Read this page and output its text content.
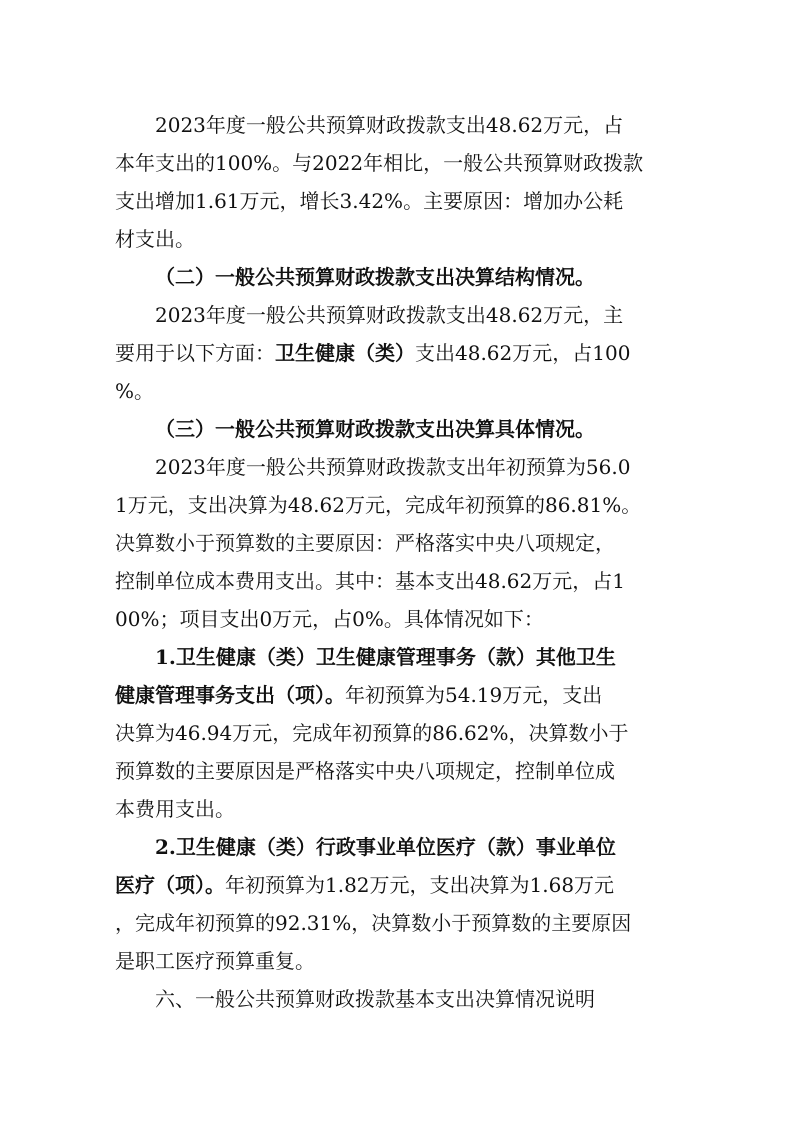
2023年度一般公共预算财政拨款支出48.62万元，占

本年支出的100%。与2022年相比，一般公共预算财政拨款

支出增加1.61万元，增长3.42%。主要原因：增加办公耗

材支出。

（二）一般公共预算财政拨款支出决算结构情况。

2023年度一般公共预算财政拨款支出48.62万元，主

要用于以下方面：卫生健康（类）支出48.62万元，占100

%。

（三）一般公共预算财政拨款支出决算具体情况。

2023年度一般公共预算财政拨款支出年初预算为56.0

1万元，支出决算为48.62万元，完成年初预算的86.81%。

决算数小于预算数的主要原因：严格落实中央八项规定，

控制单位成本费用支出。其中：基本支出48.62万元，占1

00%；项目支出0万元，占0%。具体情况如下：

1.卫生健康（类）卫生健康管理事务（款）其他卫生

健康管理事务支出（项）。年初预算为54.19万元，支出

决算为46.94万元，完成年初预算的86.62%，决算数小于

预算数的主要原因是严格落实中央八项规定，控制单位成

本费用支出。

2.卫生健康（类）行政事业单位医疗（款）事业单位

医疗（项）。年初预算为1.82万元，支出决算为1.68万元

，完成年初预算的92.31%，决算数小于预算数的主要原因

是职工医疗预算重复。

六、一般公共预算财政拨款基本支出决算情况说明
